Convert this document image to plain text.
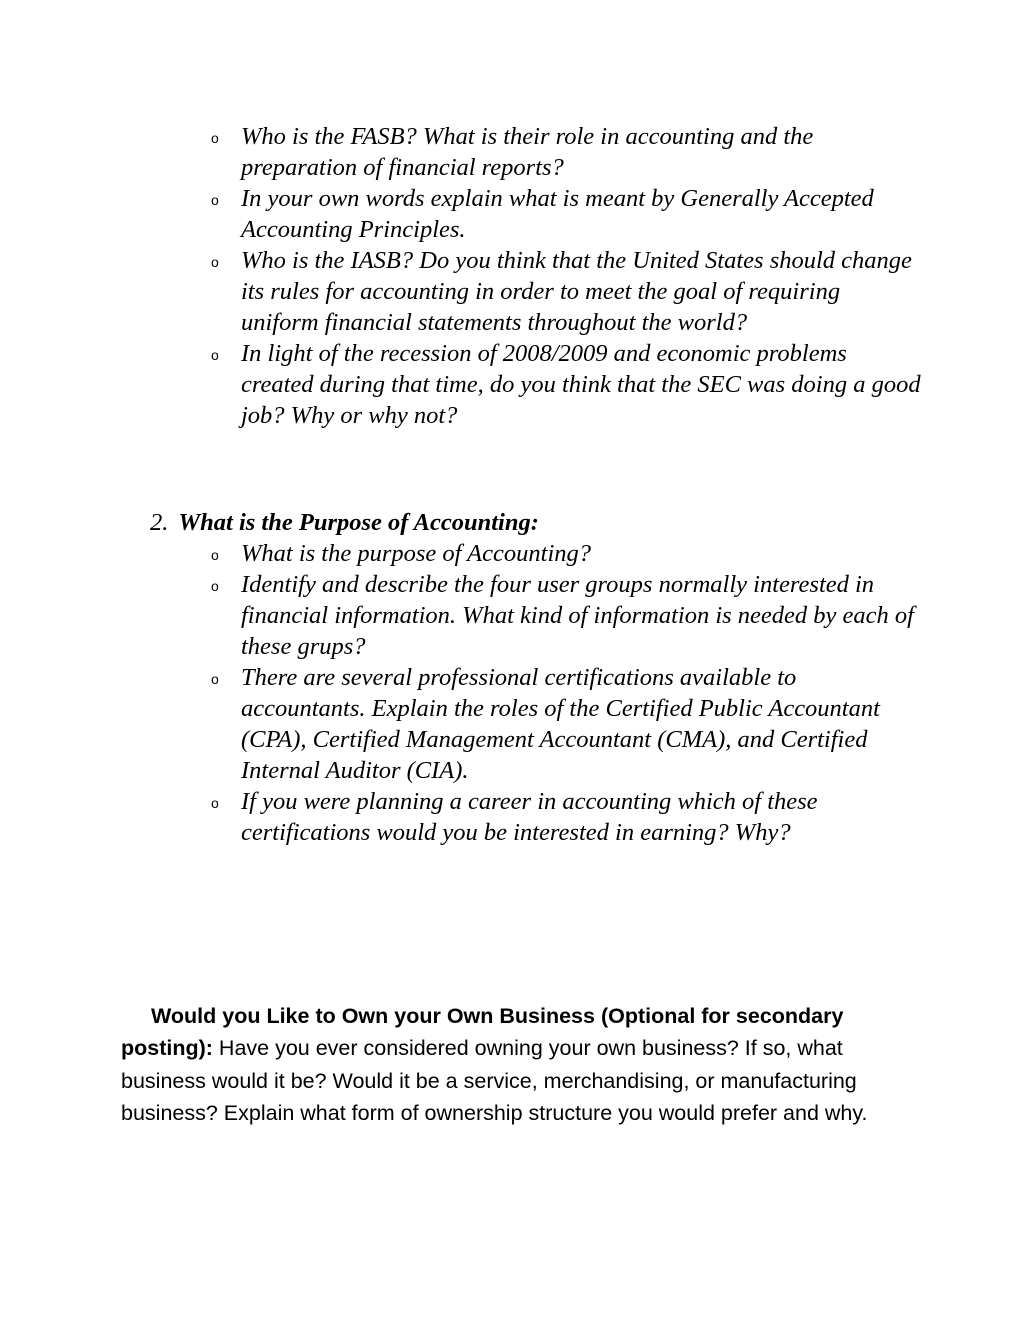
o Who is the FASB? What is their role in accounting and the preparation of financial reports?
o In your own words explain what is meant by Generally Accepted Accounting Principles.
o Who is the IASB? Do you think that the United States should change its rules for accounting in order to meet the goal of requiring uniform financial statements throughout the world?
o In light of the recession of 2008/2009 and economic problems created during that time, do you think that the SEC was doing a good job? Why or why not?
2. What is the Purpose of Accounting:
o What is the purpose of Accounting?
o Identify and describe the four user groups normally interested in financial information. What kind of information is needed by each of these grups?
o There are several professional certifications available to accountants. Explain the roles of the Certified Public Accountant (CPA), Certified Management Accountant (CMA), and Certified Internal Auditor (CIA).
o If you were planning a career in accounting which of these certifications would you be interested in earning? Why?

Would you Like to Own your Own Business (Optional for secondary posting): Have you ever considered owning your own business? If so, what business would it be? Would it be a service, merchandising, or manufacturing business? Explain what form of ownership structure you would prefer and why.
